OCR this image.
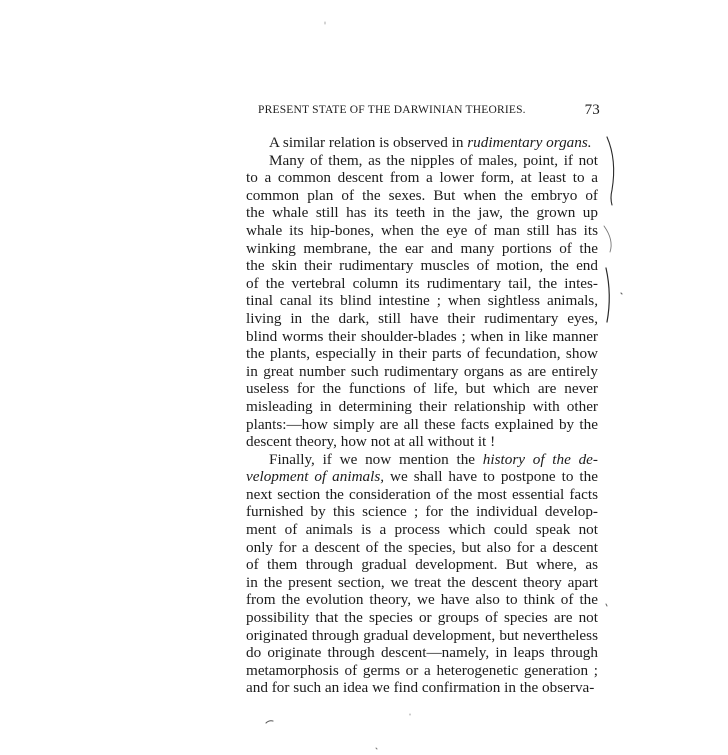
PRESENT STATE OF THE DARWINIAN THEORIES.	73
A similar relation is observed in rudimentary organs.
Many of them, as the nipples of males, point, if not
to a common descent from a lower form, at least to a
common plan of the sexes. But when the embryo of
the whale still has its teeth in the jaw, the grown up
whale its hip-bones, when the eye of man still has its
winking membrane, the ear and many portions of the
the skin their rudimentary muscles of motion, the end
of the vertebral column its rudimentary tail, the intes-
tinal canal its blind intestine ; when sightless animals,
living in the dark, still have their rudimentary eyes,
blind worms their shoulder-blades ; when in like manner
the plants, especially in their parts of fecundation, show
in great number such rudimentary organs as are entirely
useless for the functions of life, but which are never
misleading in determining their relationship with other
plants:—how simply are all these facts explained by the
descent theory, how not at all without it !
Finally, if we now mention the history of the de-
velopment of animals, we shall have to postpone to the
next section the consideration of the most essential facts
furnished by this science ; for the individual develop-
ment of animals is a process which could speak not
only for a descent of the species, but also for a descent
of them through gradual development. But where, as
in the present section, we treat the descent theory apart
from the evolution theory, we have also to think of the
possibility that the species or groups of species are not
originated through gradual development, but nevertheless
do originate through descent—namely, in leaps through
metamorphosis of germs or a heterogenetic generation ;
and for such an idea we find confirmation in the observa-
